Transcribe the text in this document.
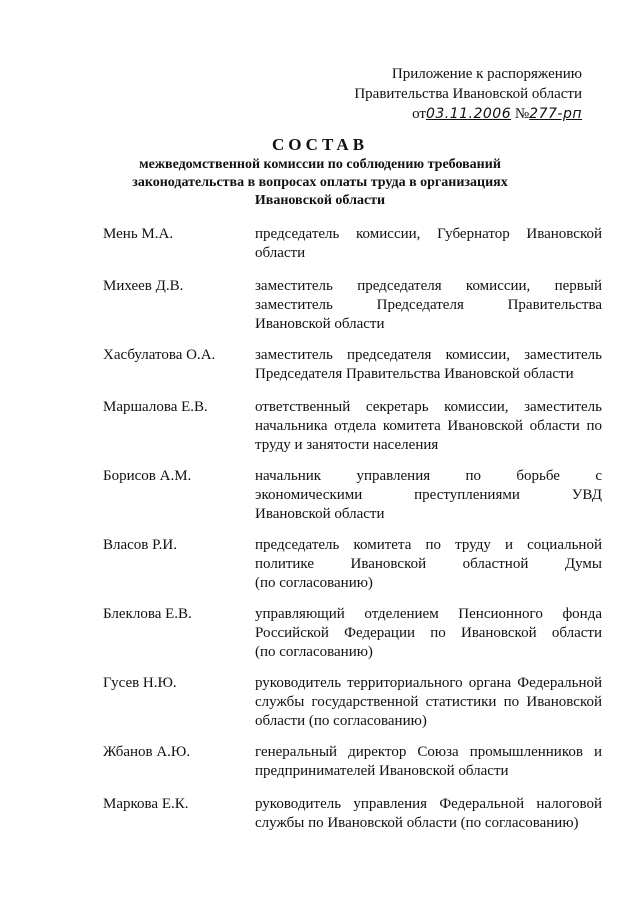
Приложение к распоряжению
Правительства Ивановской области
от03.11.2006 №277-рп
СОСТАВ
межведомственной комиссии по соблюдению требований
законодательства в вопросах оплаты труда в организациях
Ивановской области
Мень М.А.	председатель комиссии, Губернатор Ивановской
области
Михеев Д.В.	заместитель председателя комиссии, первый
заместитель Председателя Правительства
Ивановской области
Хасбулатова О.А.	заместитель председателя комиссии, заместитель
Председателя Правительства Ивановской области
Маршалова Е.В.	ответственный секретарь комиссии, заместитель
начальника отдела комитета Ивановской области по
труду и занятости населения
Борисов А.М.	начальник управления по борьбе с
экономическими преступлениями УВД
Ивановской области
Власов Р.И.	председатель комитета по труду и социальной
политике Ивановской областной Думы
(по согласованию)
Блеклова Е.В.	управляющий отделением Пенсионного фонда
Российской Федерации по Ивановской области
(по согласованию)
Гусев Н.Ю.	руководитель территориального органа Федеральной
службы государственной статистики по Ивановской
области (по согласованию)
Жбанов А.Ю.	генеральный директор Союза промышленников и
предпринимателей Ивановской области
Маркова Е.К.	руководитель управления Федеральной налоговой
службы по Ивановской области (по согласованию)
